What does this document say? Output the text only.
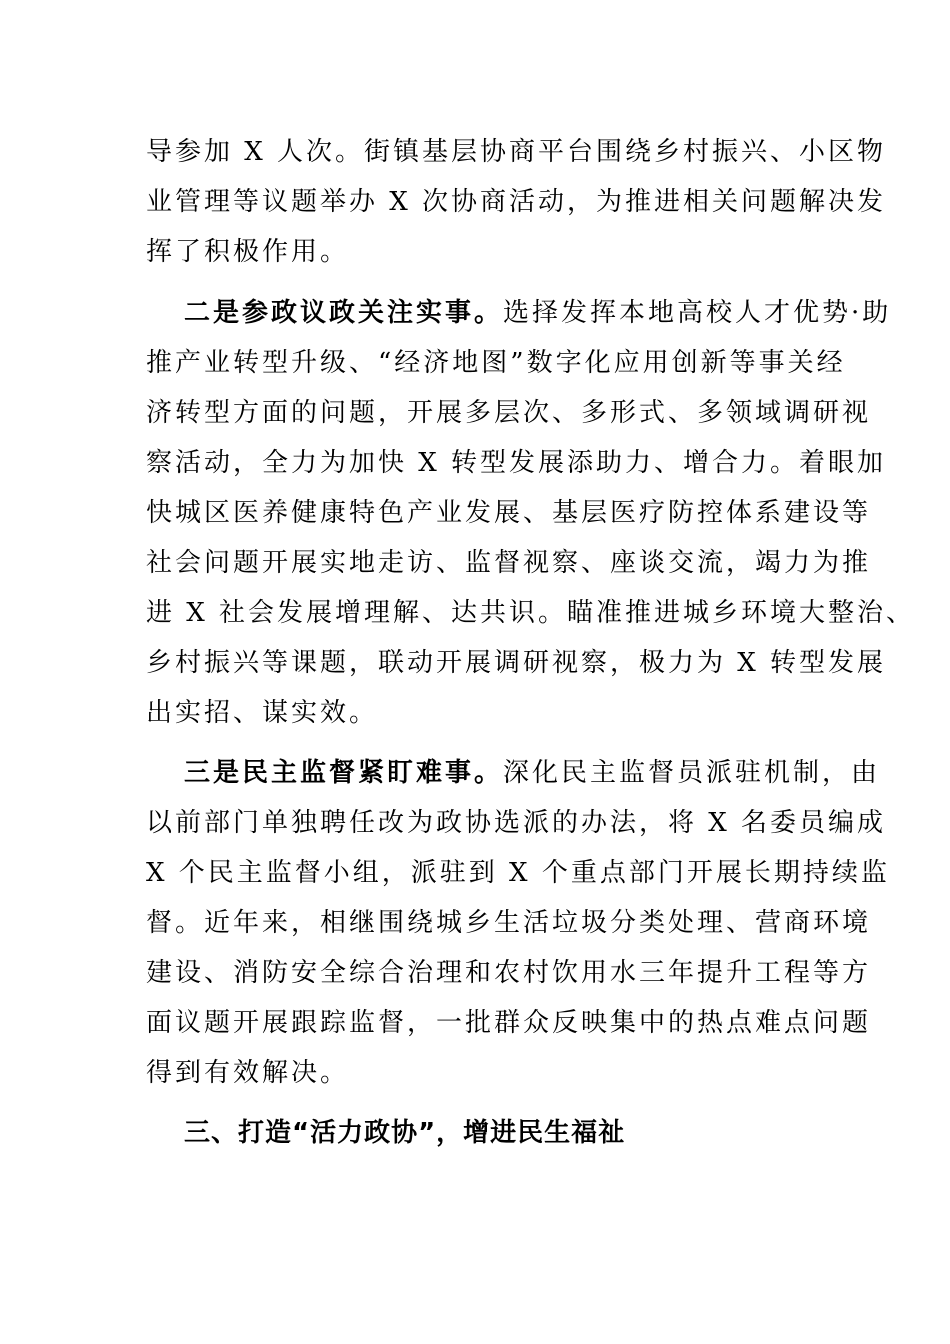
导参加 X 人次。街镇基层协商平台围绕乡村振兴、小区物
业管理等议题举办 X 次协商活动，为推进相关问题解决发
挥了积极作用。
二是参政议政关注实事。选择发挥本地高校人才优势·助
推产业转型升级、“经济地图”数字化应用创新等事关经
济转型方面的问题，开展多层次、多形式、多领域调研视
察活动，全力为加快 X 转型发展添助力、增合力。着眼加
快城区医养健康特色产业发展、基层医疗防控体系建设等
社会问题开展实地走访、监督视察、座谈交流，竭力为推
进 X 社会发展增理解、达共识。瞄准推进城乡环境大整治、
乡村振兴等课题，联动开展调研视察，极力为 X 转型发展
出实招、谋实效。
三是民主监督紧盯难事。深化民主监督员派驻机制，由
以前部门单独聘任改为政协选派的办法，将 X 名委员编成
X 个民主监督小组，派驻到 X 个重点部门开展长期持续监
督。近年来，相继围绕城乡生活垃圾分类处理、营商环境
建设、消防安全综合治理和农村饮用水三年提升工程等方
面议题开展跟踪监督，一批群众反映集中的热点难点问题
得到有效解决。
三、打造“活力政协”，增进民生福祉
